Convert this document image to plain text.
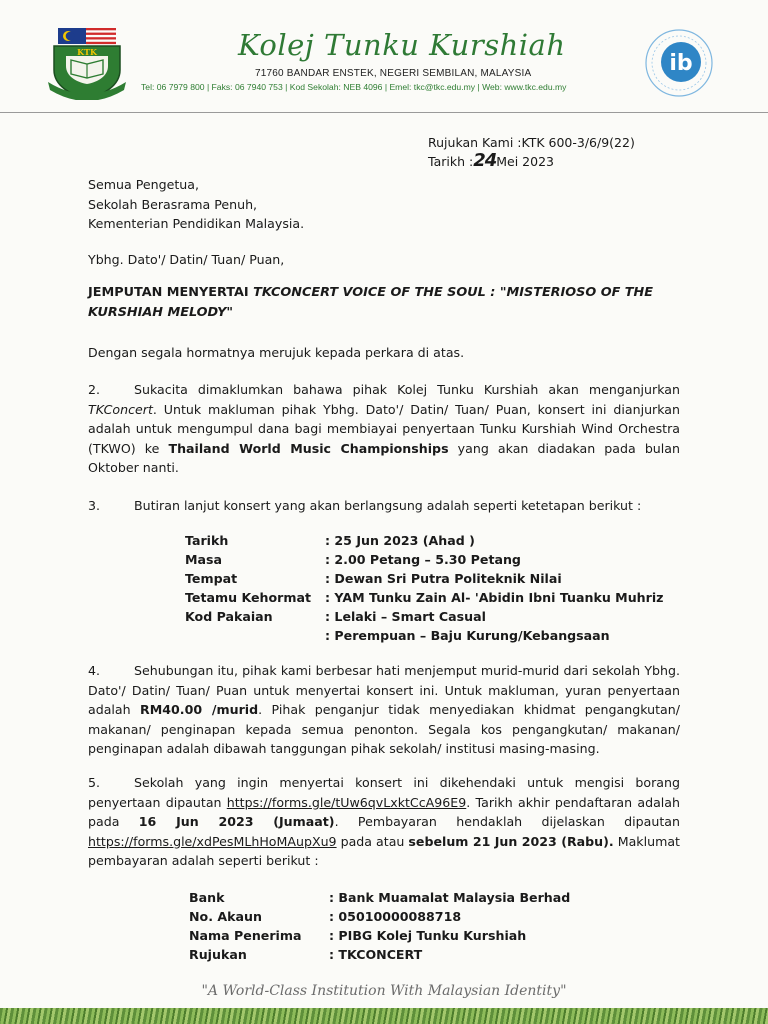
KTK	Kolej Tunku Kurshiah
71760 BANDAR ENSTEK, NEGERI SEMBILAN, MALAYSIA
Tel: 06 7979 800 | Faks: 06 7940 753 | Kod Sekolah: NEB 4096 | Emel: tkc@tkc.edu.my | Web: www.tkc.edu.my
ib
Rujukan Kami :KTK 600-3/6/9(22)
Tarikh :24Mei 2023
Semua Pengetua,
Sekolah Berasrama Penuh,
Kementerian Pendidikan Malaysia.
Ybhg. Dato'/ Datin/ Tuan/ Puan,
JEMPUTAN MENYERTAI TKCONCERT VOICE OF THE SOUL : "MISTERIOSO OF THE
KURSHIAH MELODY"
Dengan segala hormatnya merujuk kepada perkara di atas.
2.	Sukacita dimaklumkan bahawa pihak Kolej Tunku Kurshiah akan menganjurkan TKConcert. Untuk makluman pihak Ybhg. Dato'/ Datin/ Tuan/ Puan, konsert ini dianjurkan adalah untuk mengumpul dana bagi membiayai penyertaan Tunku Kurshiah Wind Orchestra (TKWO) ke Thailand World Music Championships yang akan diadakan pada bulan Oktober nanti.
3.	Butiran lanjut konsert yang akan berlangsung adalah seperti ketetapan berikut :
Tarikh	: 25 Jun 2023 (Ahad )
Masa	: 2.00 Petang – 5.30 Petang
Tempat	: Dewan Sri Putra Politeknik Nilai
Tetamu Kehormat	: YAM Tunku Zain Al- 'Abidin Ibni Tuanku Muhriz
Kod Pakaian	: Lelaki – Smart Casual
	: Perempuan – Baju Kurung/Kebangsaan
4.	Sehubungan itu, pihak kami berbesar hati menjemput murid-murid dari sekolah Ybhg. Dato'/ Datin/ Tuan/ Puan untuk menyertai konsert ini. Untuk makluman, yuran penyertaan adalah RM40.00 /murid. Pihak penganjur tidak menyediakan khidmat pengangkutan/ makanan/ penginapan kepada semua penonton. Segala kos pengangkutan/ makanan/ penginapan adalah dibawah tanggungan pihak sekolah/ institusi masing-masing.
5.	Sekolah yang ingin menyertai konsert ini dikehendaki untuk mengisi borang penyertaan dipautan https://forms.gle/tUw6qvLxktCcA96E9. Tarikh akhir pendaftaran adalah pada 16 Jun 2023 (Jumaat). Pembayaran hendaklah dijelaskan dipautan https://forms.gle/xdPesMLhHoMAupXu9 pada atau sebelum 21 Jun 2023 (Rabu). Maklumat pembayaran adalah seperti berikut :
Bank	: Bank Muamalat Malaysia Berhad
No. Akaun	: 05010000088718
Nama Penerima	: PIBG Kolej Tunku Kurshiah
Rujukan	: TKCONCERT
"A World-Class Institution With Malaysian Identity"
